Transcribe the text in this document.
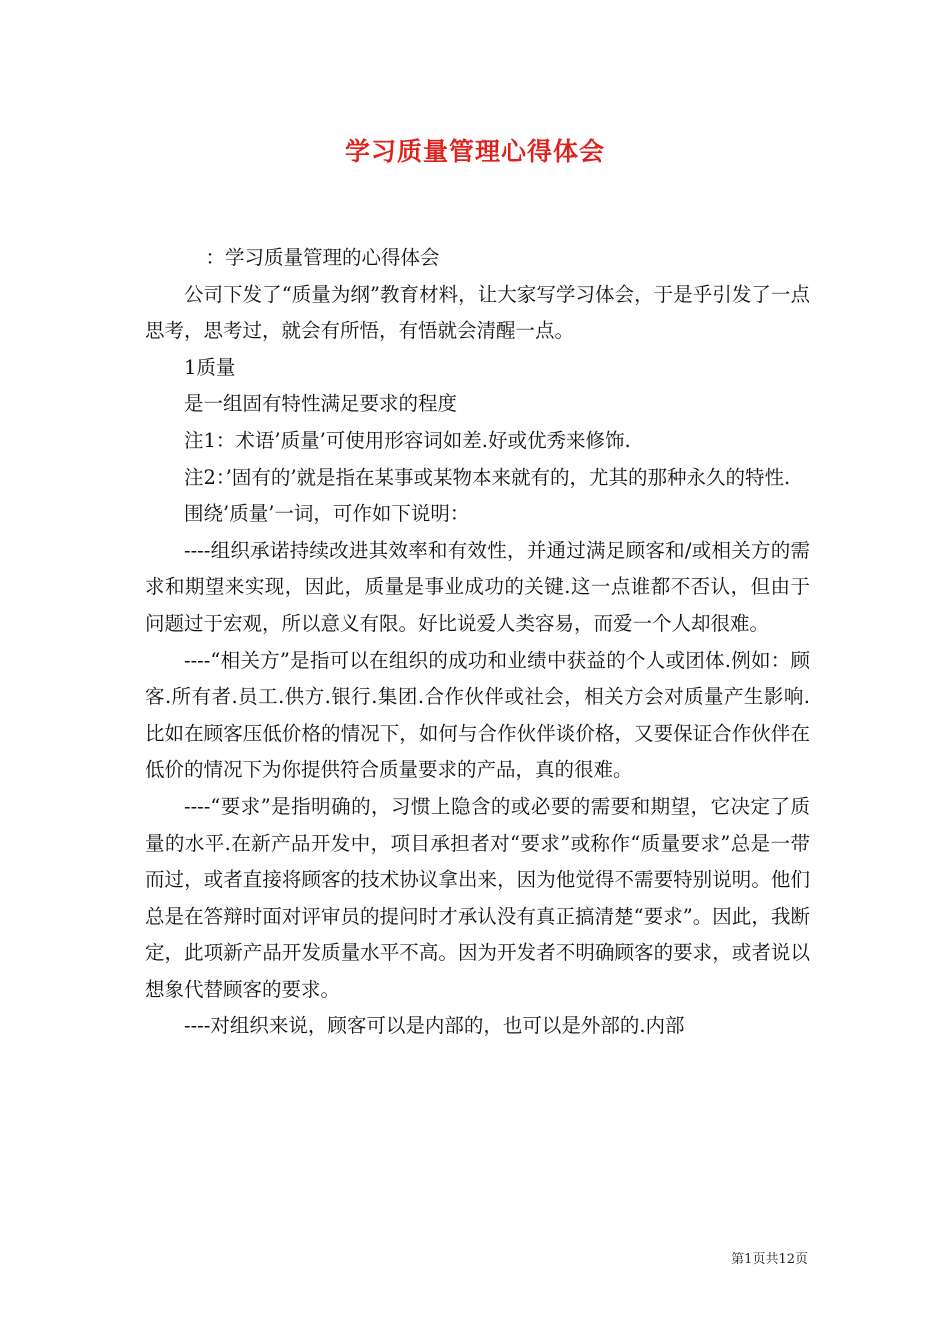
学习质量管理心得体会

：学习质量管理的心得体会

公司下发了“质量为纲”教育材料，让大家写学习体会，于是乎引发了一点思考，思考过，就会有所悟，有悟就会清醒一点。

1质量

是一组固有特性满足要求的程度

注1：术语’质量’可使用形容词如差.好或优秀来修饰.

注2：’固有的’就是指在某事或某物本来就有的，尤其的那种永久的特性.

围绕’质量’一词，可作如下说明：

----组织承诺持续改进其效率和有效性，并通过满足顾客和/或相关方的需求和期望来实现，因此，质量是事业成功的关键.这一点谁都不否认，但由于问题过于宏观，所以意义有限。好比说爱人类容易，而爱一个人却很难。

----“相关方”是指可以在组织的成功和业绩中获益的个人或团体.例如：顾客.所有者.员工.供方.银行.集团.合作伙伴或社会，相关方会对质量产生影响.比如在顾客压低价格的情况下，如何与合作伙伴谈价格，又要保证合作伙伴在低价的情况下为你提供符合质量要求的产品，真的很难。

----“要求”是指明确的，习惯上隐含的或必要的需要和期望，它决定了质量的水平.在新产品开发中，项目承担者对“要求”或称作“质量要求”总是一带而过，或者直接将顾客的技术协议拿出来，因为他觉得不需要特别说明。他们总是在答辩时面对评审员的提问时才承认没有真正搞清楚“要求”。因此，我断定，此项新产品开发质量水平不高。因为开发者不明确顾客的要求，或者说以想象代替顾客的要求。

----对组织来说，顾客可以是内部的，也可以是外部的.内部

第1页共12页
